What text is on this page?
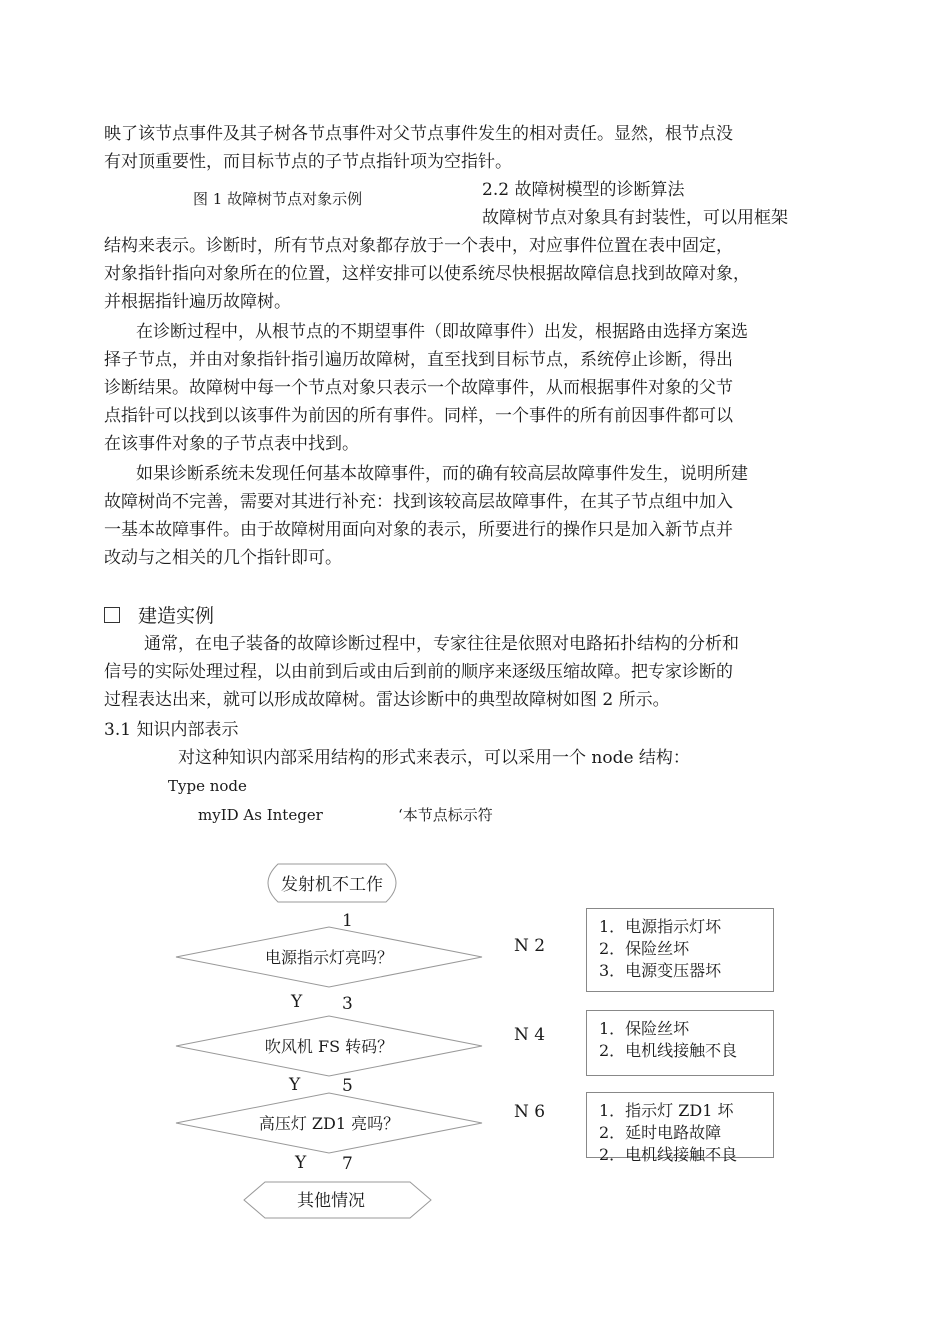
映了该节点事件及其子树各节点事件对父节点事件发生的相对责任。显然，根节点没
有对顶重要性，而目标节点的子节点指针项为空指针。
图 1 故障树节点对象示例	2.2 故障树模型的诊断算法
故障树节点对象具有封装性，可以用框架
结构来表示。诊断时，所有节点对象都存放于一个表中，对应事件位置在表中固定，
对象指针指向对象所在的位置，这样安排可以使系统尽快根据故障信息找到故障对象，
并根据指针遍历故障树。
在诊断过程中，从根节点的不期望事件（即故障事件）出发，根据路由选择方案选
择子节点，并由对象指针指引遍历故障树，直至找到目标节点，系统停止诊断，得出
诊断结果。故障树中每一个节点对象只表示一个故障事件，从而根据事件对象的父节
点指针可以找到以该事件为前因的所有事件。同样，一个事件的所有前因事件都可以
在该事件对象的子节点表中找到。
如果诊断系统未发现任何基本故障事件，而的确有较高层故障事件发生，说明所建
故障树尚不完善，需要对其进行补充：找到该较高层故障事件，在其子节点组中加入
一基本故障事件。由于故障树用面向对象的表示，所要进行的操作只是加入新节点并
改动与之相关的几个指针即可。
建造实例
通常，在电子装备的故障诊断过程中，专家往往是依照对电路拓扑结构的分析和
信号的实际处理过程，以由前到后或由后到前的顺序来逐级压缩故障。把专家诊断的
过程表达出来，就可以形成故障树。雷达诊断中的典型故障树如图 2 所示。
3.1 知识内部表示
对这种知识内部采用结构的形式来表示，可以采用一个 node 结构：
Type node
myID As Integer	‘本节点标示符
发射机不工作
1
电源指示灯亮吗？
N 2
Y 3
吹风机 FS 转码？
N 4
Y 5
高压灯 ZD1 亮吗？
N 6
Y 7
其他情况
1．电源指示灯坏
2．保险丝坏
3．电源变压器坏
1．保险丝坏
2．电机线接触不良
1．指示灯 ZD1 坏
2．延时电路故障
2．电机线接触不良
